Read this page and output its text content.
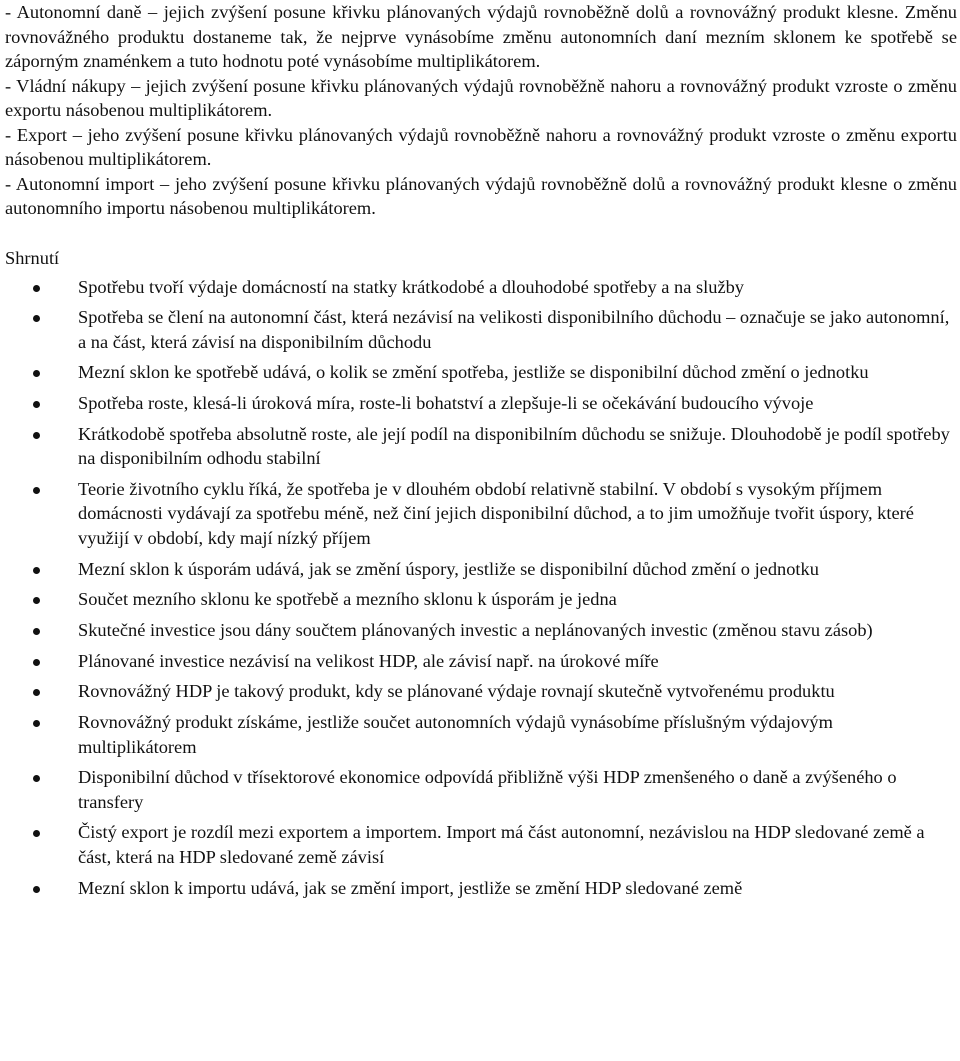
- Autonomní daně – jejich zvýšení posune křivku plánovaných výdajů rovnoběžně dolů a rovnovážný produkt klesne. Změnu rovnovážného produktu dostaneme tak, že nejprve vynásobíme změnu autonomních daní mezním sklonem ke spotřebě se záporným znaménkem a tuto hodnotu poté vynásobíme multiplikátorem.

- Vládní nákupy – jejich zvýšení posune křivku plánovaných výdajů rovnoběžně nahoru a rovnovážný produkt vzroste o změnu exportu násobenou multiplikátorem.

- Export – jeho zvýšení posune křivku plánovaných výdajů rovnoběžně nahoru a rovnovážný produkt vzroste o změnu exportu násobenou multiplikátorem.

- Autonomní import – jeho zvýšení posune křivku plánovaných výdajů rovnoběžně dolů a rovnovážný produkt klesne o změnu autonomního importu násobenou multiplikátorem.

Shrnutí

Spotřebu tvoří výdaje domácností na statky krátkodobé a dlouhodobé spotřeby a na služby
Spotřeba se člení na autonomní část, která nezávisí na velikosti disponibilního důchodu – označuje se jako autonomní, a na část, která závisí na disponibilním důchodu
Mezní sklon ke spotřebě udává, o kolik se změní spotřeba, jestliže se disponibilní důchod změní o jednotku
Spotřeba roste, klesá-li úroková míra, roste-li bohatství a zlepšuje-li se očekávání budoucího vývoje
Krátkodobě spotřeba absolutně roste, ale její podíl na disponibilním důchodu se snižuje. Dlouhodobě je podíl spotřeby na disponibilním odhodu stabilní
Teorie životního cyklu říká, že spotřeba je v dlouhém období relativně stabilní. V období s vysokým příjmem domácnosti vydávají za spotřebu méně, než činí jejich disponibilní důchod, a to jim umožňuje tvořit úspory, které využijí v období, kdy mají nízký příjem
Mezní sklon k úsporám udává, jak se změní úspory, jestliže se disponibilní důchod změní o jednotku
Součet mezního sklonu ke spotřebě a mezního sklonu k úsporám je jedna
Skutečné investice jsou dány součtem plánovaných investic a neplánovaných investic (změnou stavu zásob)
Plánované investice nezávisí na velikost HDP, ale závisí např. na úrokové míře
Rovnovážný HDP je takový produkt, kdy se plánované výdaje rovnají skutečně vytvořenému produktu
Rovnovážný produkt získáme, jestliže součet autonomních výdajů vynásobíme příslušným výdajovým multiplikátorem
Disponibilní důchod v třísektorové ekonomice odpovídá přibližně výši HDP zmenšeného o daně a zvýšeného o transfery
Čistý export je rozdíl mezi exportem a importem. Import má část autonomní, nezávislou na HDP sledované země a část, která na HDP sledované země závisí
Mezní sklon k importu udává, jak se změní import, jestliže se změní HDP sledované země
